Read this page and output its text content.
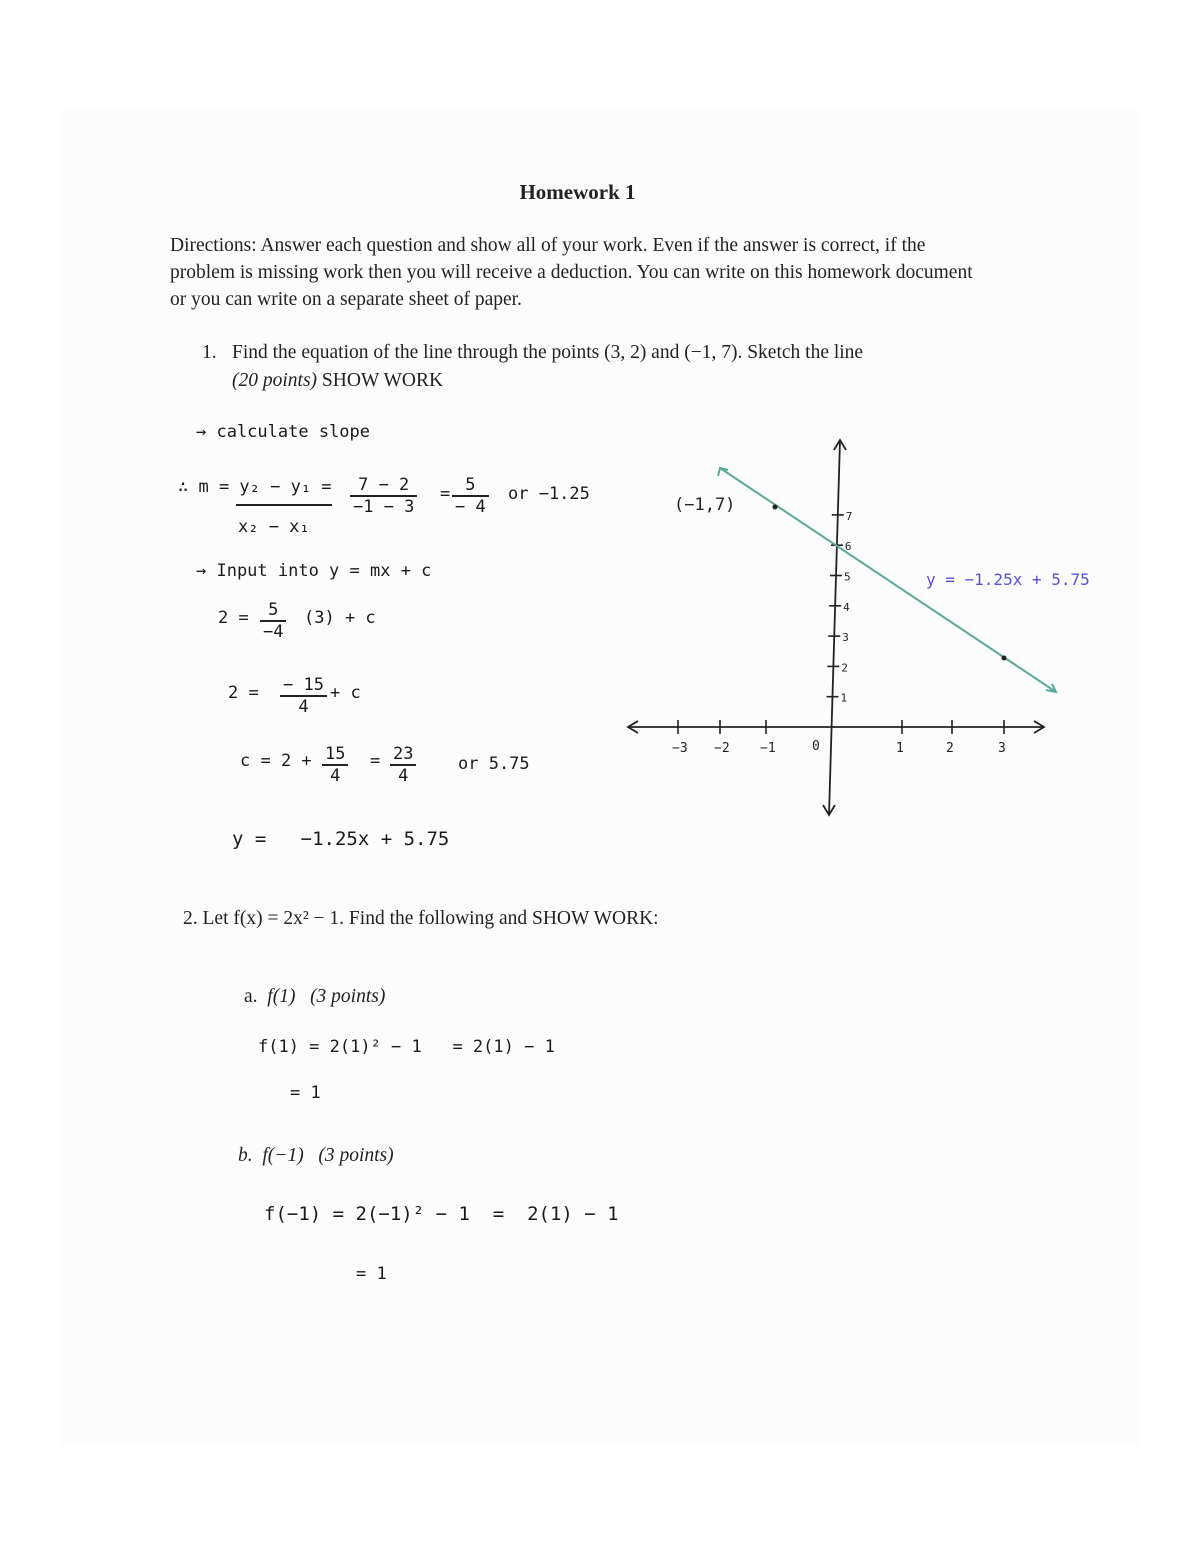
Homework 1
Directions: Answer each question and show all of your work. Even if the answer is correct, if the problem is missing work then you will receive a deduction. You can write on this homework document or you can write on a separate sheet of paper.
1. Find the equation of the line through the points (3, 2) and (−1, 7). Sketch the line
(20 points) SHOW WORK
→ calculate slope
∴ m = y₂ − y₁ =
x₂ − x₁
$\frac{7 - 2}{-1 - 3} = \frac{5}{- 4}$ or −1.25
→ Input into y = mx + c
$2 = \frac{5}{-4} (3) + c$
$2 = \frac{- 15}{4} + c$
$c = 2 + \frac{15}{4} = \frac{23}{4}$ or 5.75
y =   −1.25x + 5.75
−3 −2 −1	0	1	2	3
1
2
3
4
5
6
7
(−1,7)
y = −1.25x + 5.75
2. Let f(x) = 2x² − 1. Find the following and SHOW WORK:
a. f(1) (3 points)
f(1) = 2(1)² − 1   = 2(1) − 1
= 1
b. f(−1) (3 points)
f(−1) = 2(−1)² − 1  =  2(1) − 1
= 1
